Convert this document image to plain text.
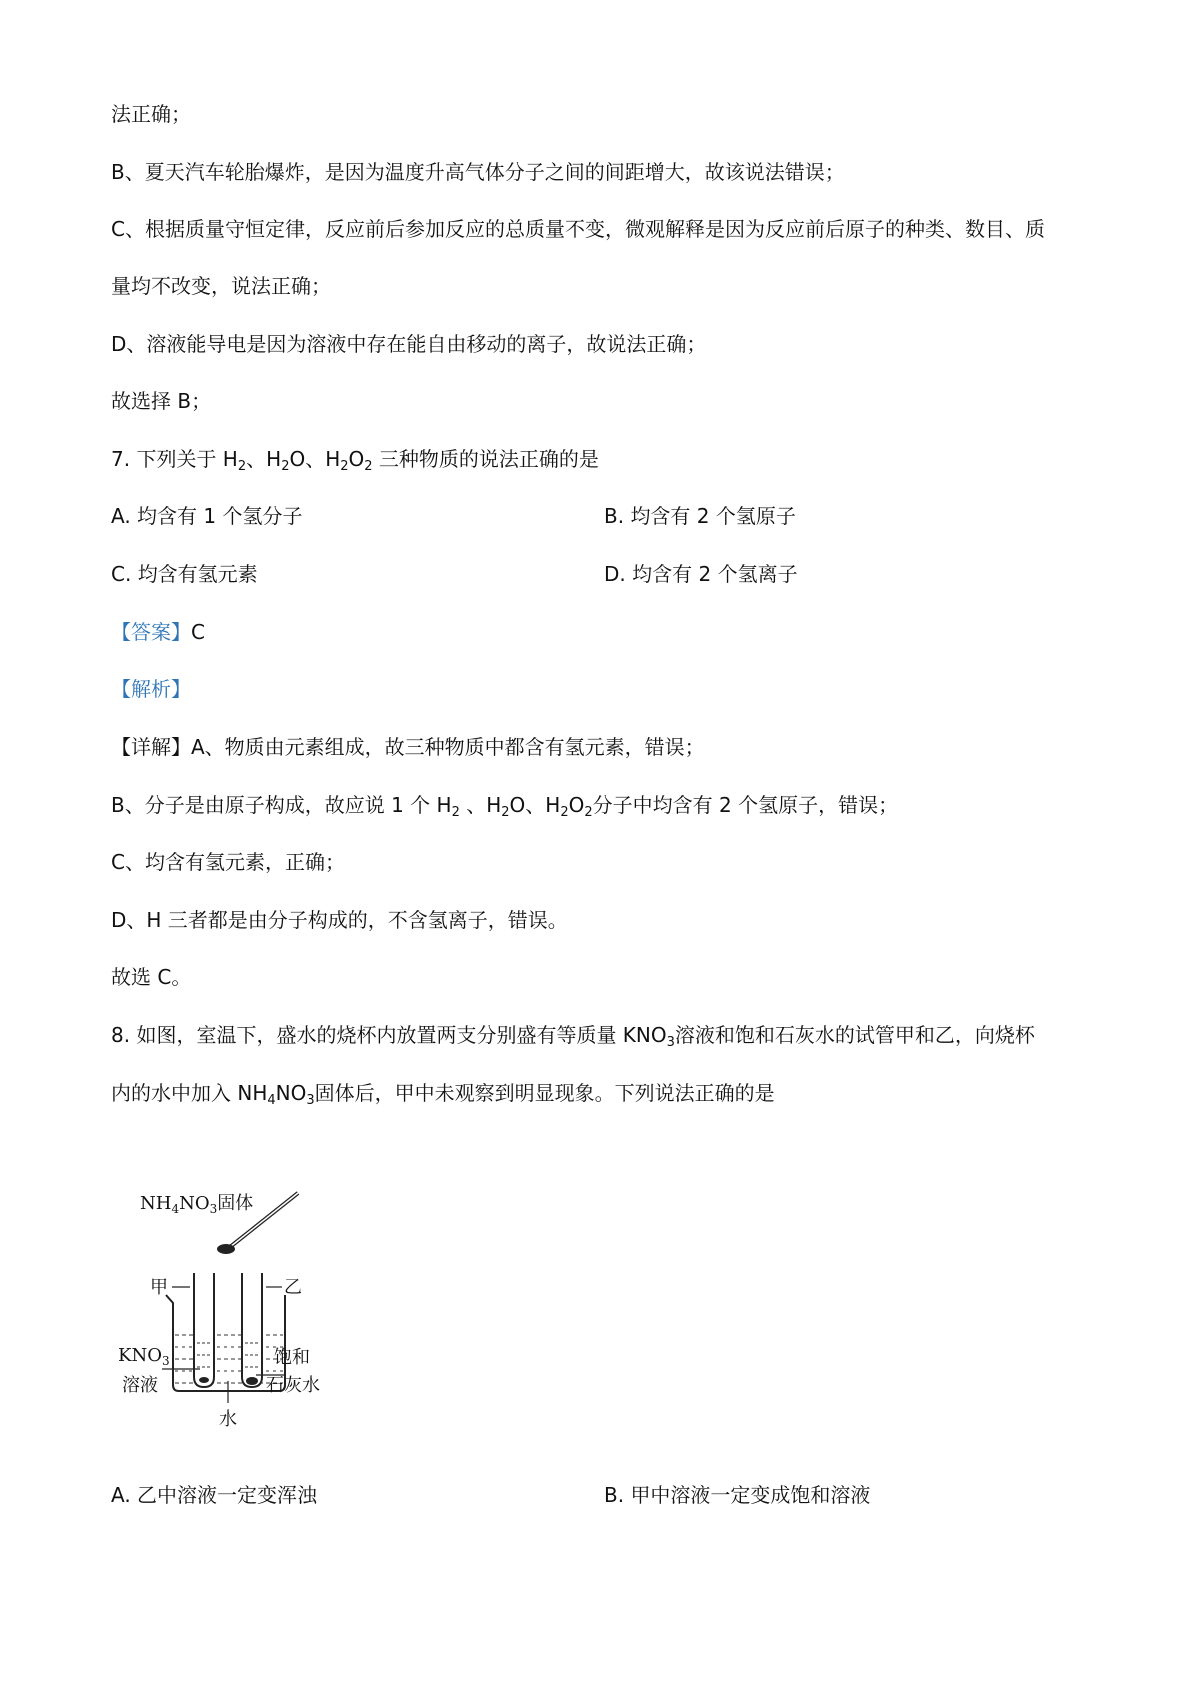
法正确；
B、夏天汽车轮胎爆炸，是因为温度升高气体分子之间的间距增大，故该说法错误；
C、根据质量守恒定律，反应前后参加反应的总质量不变，微观解释是因为反应前后原子的种类、数目、质
量均不改变，说法正确；
D、溶液能导电是因为溶液中存在能自由移动的离子，故说法正确；
故选择 B；
7. 下列关于 $H_2$、$H_2O$、$H_2O_2$ 三种物质的说法正确的是
A. 均含有 1 个氢分子	B. 均含有 2 个氢原子
C. 均含有氢元素	D. 均含有 2 个氢离子
【答案】C
【解析】
【详解】A、物质由元素组成，故三种物质中都含有氢元素，错误；
B、分子是由原子构成，故应说 1 个 $H_2$ 、$H_2O$、$H_2O_2$分子中均含有 2 个氢原子，错误；
C、均含有氢元素，正确；
D、H 三者都是由分子构成的，不含氢离子，错误。
故选 C。
8. 如图，室温下，盛水的烧杯内放置两支分别盛有等质量 $KNO_3$溶液和饱和石灰水的试管甲和乙，向烧杯
内的水中加入 $NH_4NO_3$固体后，甲中未观察到明显现象。下列说法正确的是
$NH_4NO_3$固体
甲	乙
$KNO_3$
溶液
饱和
石灰水
水
A. 乙中溶液一定变浑浊	B. 甲中溶液一定变成饱和溶液
